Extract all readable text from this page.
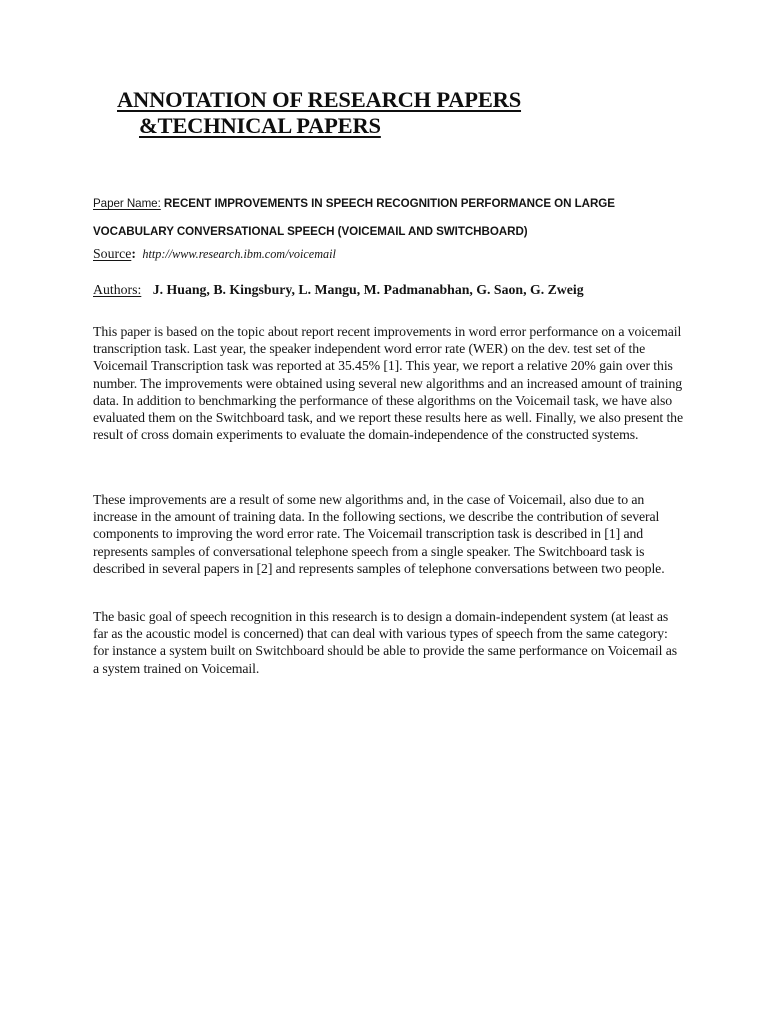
ANNOTATION OF RESEARCH PAPERS
&TECHNICAL PAPERS

Paper Name: RECENT IMPROVEMENTS IN SPEECH RECOGNITION PERFORMANCE ON LARGE VOCABULARY CONVERSATIONAL SPEECH (VOICEMAIL AND SWITCHBOARD)

Source: http://www.research.ibm.com/voicemail

Authors: J. Huang, B. Kingsbury, L. Mangu, M. Padmanabhan, G. Saon, G. Zweig

This paper is based on the topic about report recent improvements in word error performance on a voicemail transcription task. Last year, the speaker independent word error rate (WER) on the dev. test set of the Voicemail Transcription task was reported at 35.45% [1]. This year, we report a relative 20% gain over this number. The improvements were obtained using several new algorithms and an increased amount of training data. In addition to benchmarking the performance of these algorithms on the Voicemail task, we have also evaluated them on the Switchboard task, and we report these results here as well. Finally, we also present the result of cross domain experiments to evaluate the domain-independence of the constructed systems.

These improvements are a result of some new algorithms and, in the case of Voicemail, also due to an increase in the amount of training data. In the following sections, we describe the contribution of several components to improving the word error rate. The Voicemail transcription task is described in [1] and represents samples of conversational telephone speech from a single speaker. The Switchboard task is described in several papers in [2] and represents samples of telephone conversations between two people.

The basic goal of speech recognition in this research is to design a domain-independent system (at least as far as the acoustic model is concerned) that can deal with various types of speech from the same category: for instance a system built on Switchboard should be able to provide the same performance on Voicemail as a system trained on Voicemail.
